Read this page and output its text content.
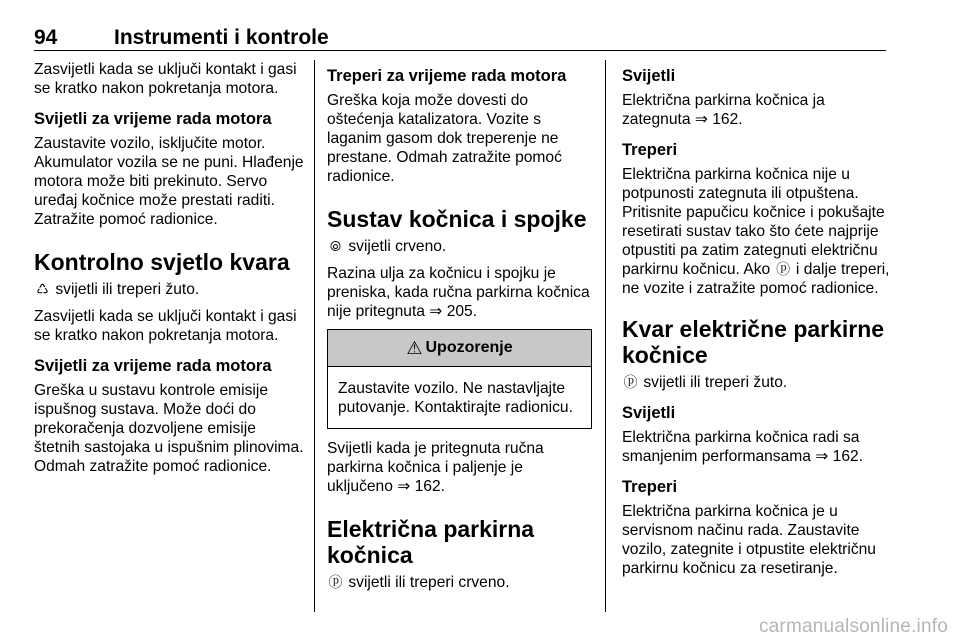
94	Instrumenti i kontrole

Zasvijetli kada se uključi kontakt i gasi se kratko nakon pokretanja motora.

Svijetli za vrijeme rada motora

Zaustavite vozilo, isključite motor. Akumulator vozila se ne puni. Hlađenje motora može biti prekinuto. Servo uređaj kočnice može prestati raditi. Zatražite pomoć radionice.

Kontrolno svjetlo kvara

♺ svijetli ili treperi žuto.

Zasvijetli kada se uključi kontakt i gasi se kratko nakon pokretanja motora.

Svijetli za vrijeme rada motora

Greška u sustavu kontrole emisije ispušnog sustava. Može doći do prekoračenja dozvoljene emisije štetnih sastojaka u ispušnim plinovima. Odmah zatražite pomoć radionice.

Treperi za vrijeme rada motora

Greška koja može dovesti do oštećenja katalizatora. Vozite s laganim gasom dok treperenje ne prestane. Odmah zatražite pomoć radionice.

Sustav kočnica i spojke

⦾ svijetli crveno.

Razina ulja za kočnicu i spojku je preniska, kada ručna parkirna kočnica nije pritegnuta ⇒ 205.

⚠ Upozorenje
Zaustavite vozilo. Ne nastavljajte putovanje. Kontaktirajte radionicu.

Svijetli kada je pritegnuta ručna parkirna kočnica i paljenje je uključeno ⇒ 162.

Električna parkirna kočnica

ⓟ svijetli ili treperi crveno.

Svijetli

Električna parkirna kočnica ja zategnuta ⇒ 162.

Treperi

Električna parkirna kočnica nije u potpunosti zategnuta ili otpuštena. Pritisnite papučicu kočnice i pokušajte resetirati sustav tako što ćete najprije otpustiti pa zatim zategnuti električnu parkirnu kočnicu. Ako ⓟ i dalje treperi, ne vozite i zatražite pomoć radionice.

Kvar električne parkirne kočnice

ⓟ svijetli ili treperi žuto.

Svijetli

Električna parkirna kočnica radi sa smanjenim performansama ⇒ 162.

Treperi

Električna parkirna kočnica je u servisnom načinu rada. Zaustavite vozilo, zategnite i otpustite električnu parkirnu kočnicu za resetiranje.

carmanualsonline.info
